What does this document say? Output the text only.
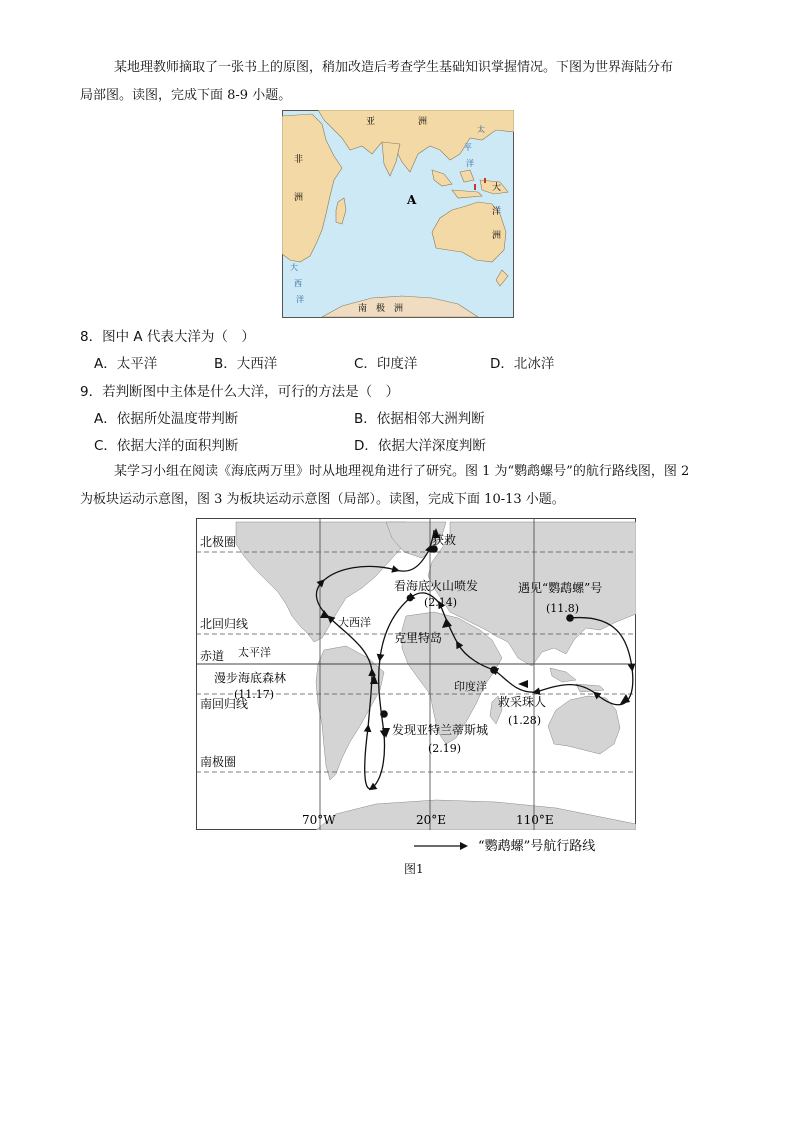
某地理教师摘取了一张书上的原图，稍加改造后考查学生基础知识掌握情况。下图为世界海陆分布
局部图。读图，完成下面 8-9 小题。
亚	洲
非
洲	A
太
平
洋
大
洋
洲
大
西
洋
南　极　洲
8．图中 A 代表大洋为（　）
A．太平洋	B．大西洋	C．印度洋	D．北冰洋
9．若判断图中主体是什么大洋，可行的方法是（　）
A．依据所处温度带判断	B．依据相邻大洲判断
C．依据大洋的面积判断	D．依据大洋深度判断
某学习小组在阅读《海底两万里》时从地理视角进行了研究。图 1 为“鹦鹉螺号”的航行路线图，图 2
为板块运动示意图，图 3 为板块运动示意图（局部）。读图，完成下面 10-13 小题。
北极圈
北回归线
赤道
南回归线
南极圈
大西洋
太平洋
印度洋
获救
看海底火山喷发
(2.14)
克里特岛
遇见“鹦鹉螺”号
(11.8)
漫步海底森林
(11.17)
救采珠人
(1.28)
发现亚特兰蒂斯城
(2.19)
70°W	20°E	110°E
“鹦鹉螺”号航行路线
图1
